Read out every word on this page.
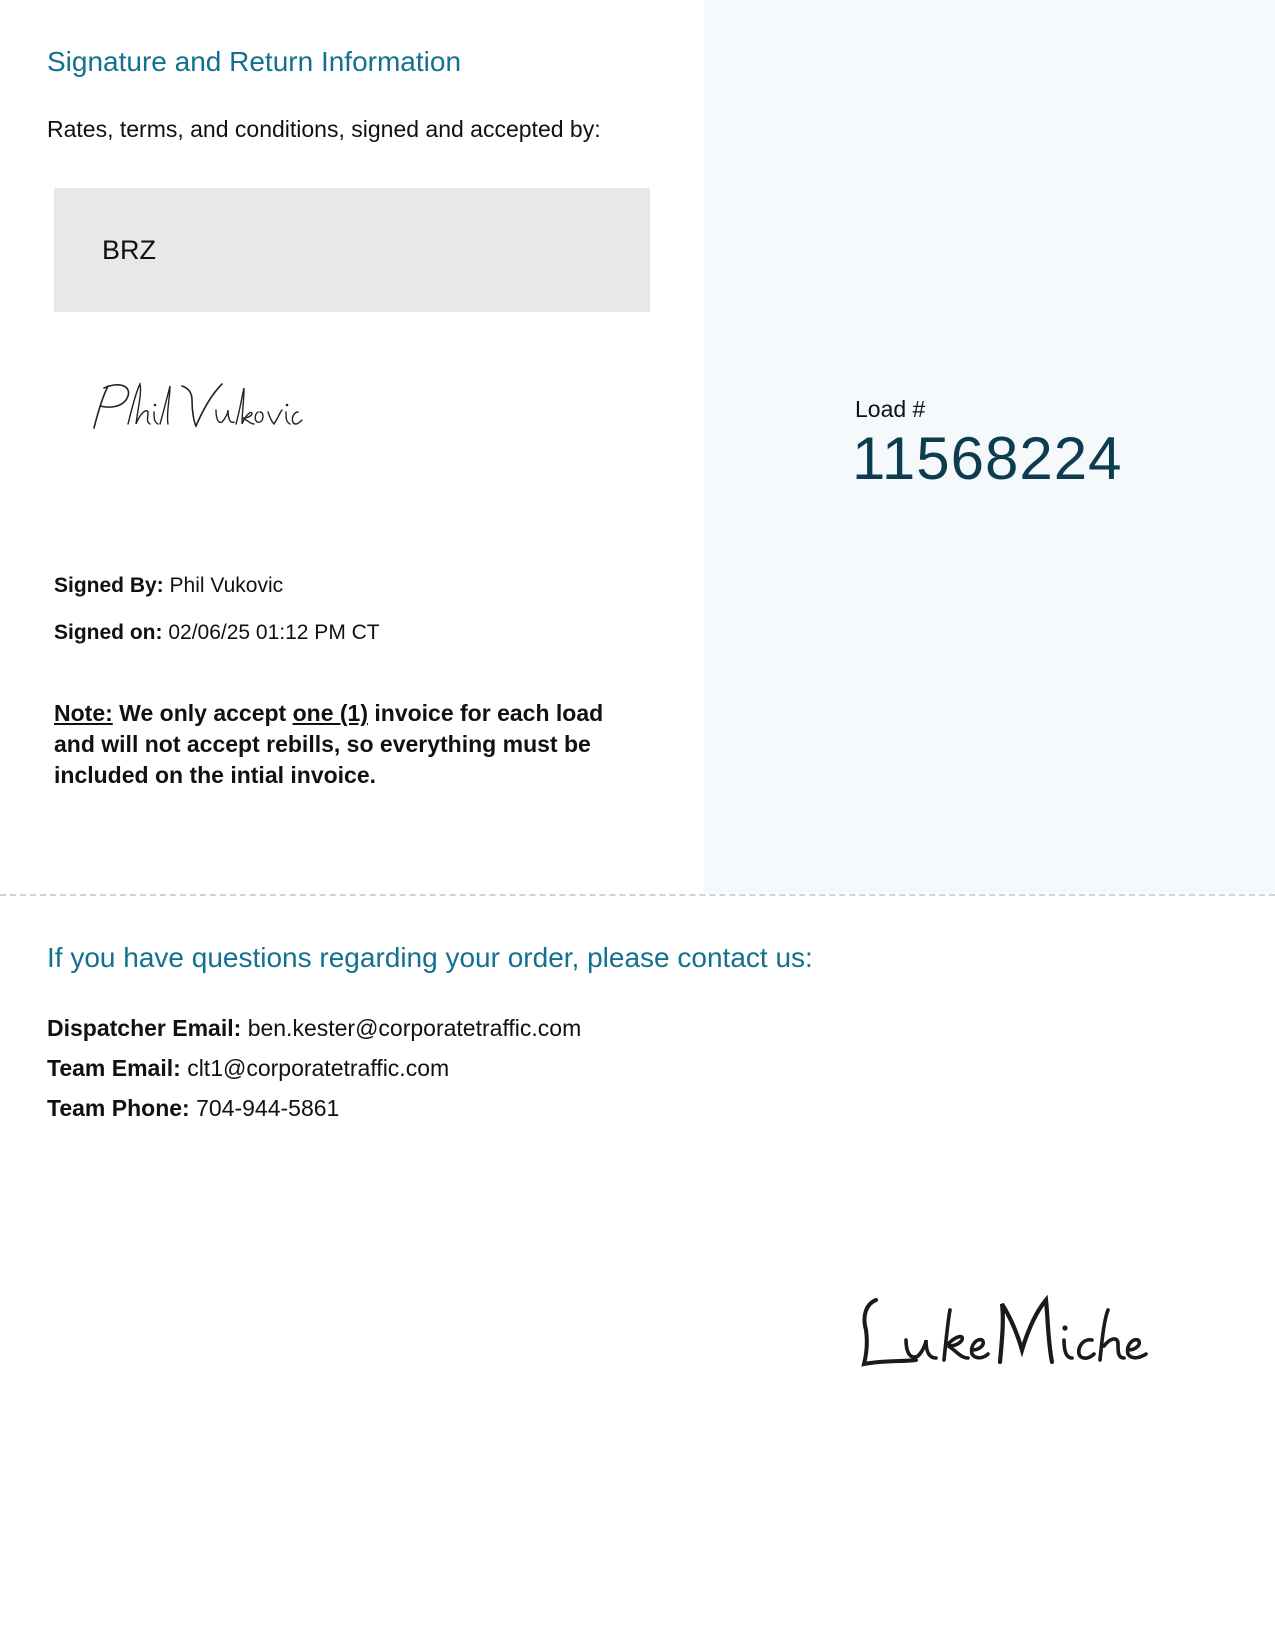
Signature and Return Information

Rates, terms, and conditions, signed and accepted by:

BRZ
Phil Vukovic

Signed By: Phil Vukovic

Signed on: 02/06/25 01:12 PM CT

Note: We only accept one (1) invoice for each load and will not accept rebills, so everything must be included on the intial invoice.

Load #
11568224
If you have questions regarding your order, please contact us:

Dispatcher Email: ben.kester@corporatetraffic.com

Team Email: clt1@corporatetraffic.com

Team Phone: 704-944-5861

Luke Miche
